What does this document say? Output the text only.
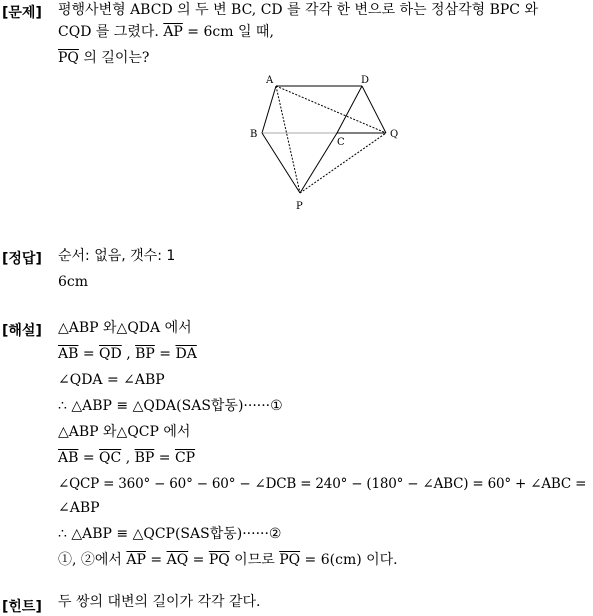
[문제] 평행사변형 ABCD 의 두 변 BC, CD 를 각각 한 변으로 하는 정삼각형 BPC 와
CQD 를 그렸다. $\overline{AP} = 6cm$ 일 때,
$\overline{PQ}$ 의 길이는?
A	D
B
C
Q
P
[정답] 순서: 없음, 갯수: 1
6cm
[해설] △ABP 와△QDA 에서
$\overline{AB} = \overline{QD}$ , $\overline{BP} = \overline{DA}$
∠QDA = ∠ABP
∴ △ABP ≡ △QDA(SAS합동)······①
△ABP 와△QCP 에서
$\overline{AB} = \overline{QC}$ , $\overline{BP} = \overline{CP}$
∠QCP = 360° − 60° − 60° − ∠DCB = 240° − (180° − ∠ABC) = 60° + ∠ABC =
∠ABP
∴ △ABP ≡ △QCP(SAS합동)······②
①, ②에서 $\overline{AP} = \overline{AQ} = \overline{PQ}$ 이므로 $\overline{PQ} = 6(cm)$ 이다.
[힌트] 두 쌍의 대변의 길이가 각각 같다.
